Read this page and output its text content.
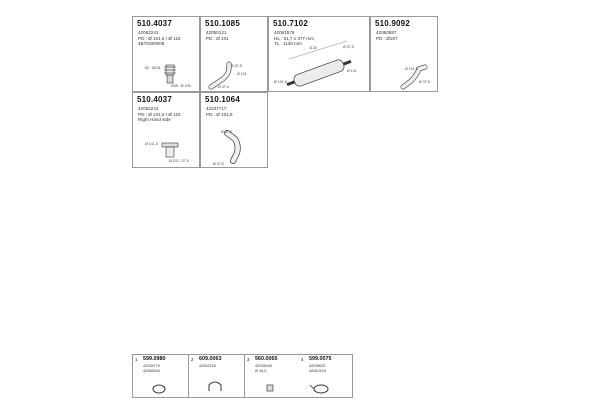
510.4037
42062241
PD : Ø 101,5 / Ø 115
4BT0380006
62 : Ø131
Ø35 : Ø 105
510.1085
42050121
PD : Ø 101
Ø 87,5
Ø 37,5
Ø 101
510.7102
42061576
HL : 61,7 x 377 mm
TL : 1130 mm
1130	Ø 37,5
Ø 101,5
Ø 101
510.9092
42060587
PD : Ø167
Ø 101,5
Ø 37,5
510.4037
42062241
PD : Ø 101,5 / Ø 115
Right Hand side
Ø 131,5
Ø 101 / 37,5
510.1064
42037717
PD : Ø 101,5
Ø 37,5
Ø 37,5
1 599.0980
42035775
42066534
2 609.0063
42052216
3 560.0065
42039046
Ø 16,5
4 599.0075
42038521
42062193
